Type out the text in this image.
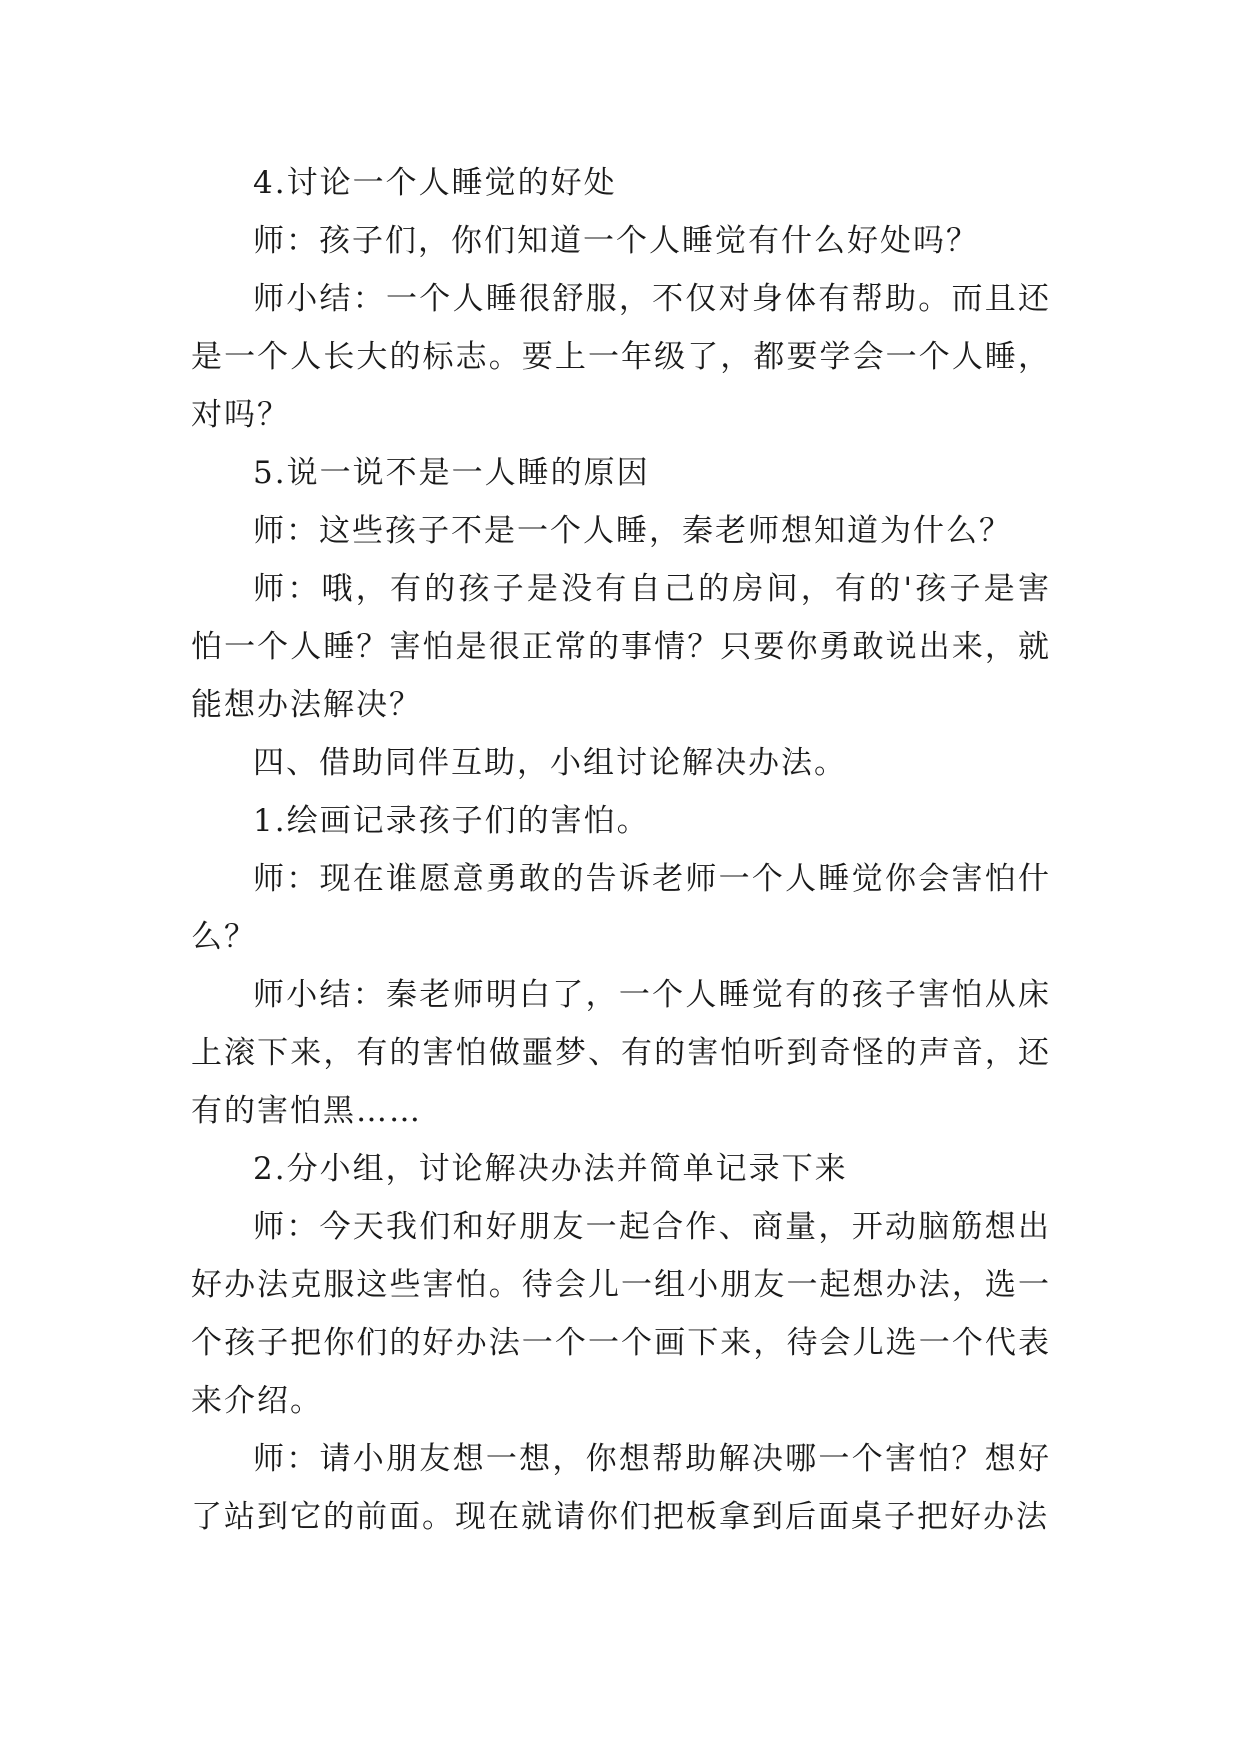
4.讨论一个人睡觉的好处

师：孩子们，你们知道一个人睡觉有什么好处吗？

师小结：一个人睡很舒服，不仅对身体有帮助。而且还是一个人长大的标志。要上一年级了，都要学会一个人睡，对吗？

5.说一说不是一人睡的原因

师：这些孩子不是一个人睡，秦老师想知道为什么？

师：哦，有的孩子是没有自己的房间，有的'孩子是害怕一个人睡？害怕是很正常的事情？只要你勇敢说出来，就能想办法解决？

四、借助同伴互助，小组讨论解决办法。

1.绘画记录孩子们的害怕。

师：现在谁愿意勇敢的告诉老师一个人睡觉你会害怕什么？

师小结：秦老师明白了，一个人睡觉有的孩子害怕从床上滚下来，有的害怕做噩梦、有的害怕听到奇怪的声音，还有的害怕黑……

2.分小组，讨论解决办法并简单记录下来

师：今天我们和好朋友一起合作、商量，开动脑筋想出好办法克服这些害怕。待会儿一组小朋友一起想办法，选一个孩子把你们的好办法一个一个画下来，待会儿选一个代表来介绍。

师：请小朋友想一想，你想帮助解决哪一个害怕？想好了站到它的前面。现在就请你们把板拿到后面桌子把好办法
